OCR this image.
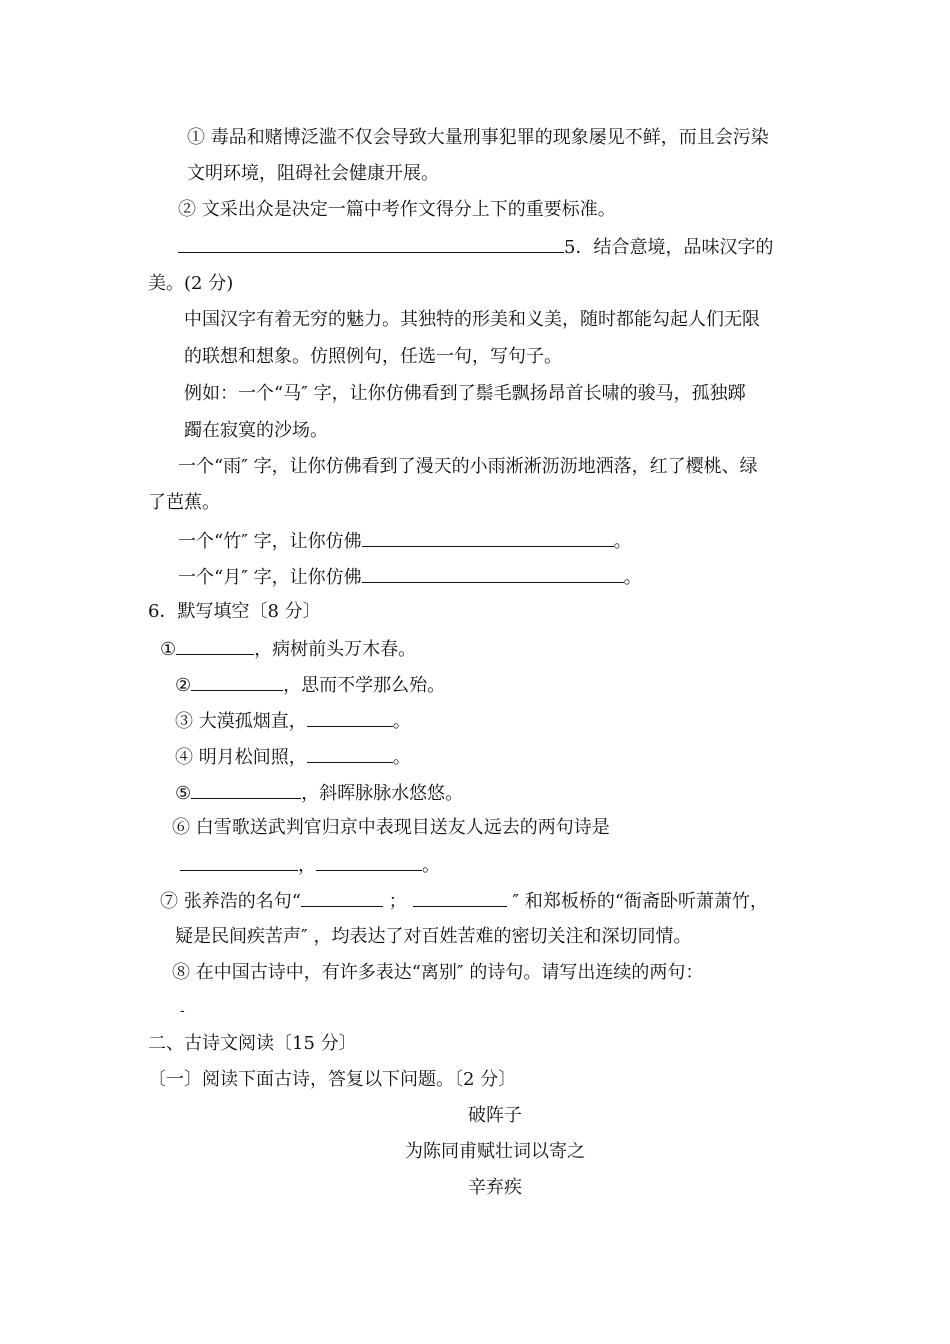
① 毒品和赌博泛滥不仅会导致大量刑事犯罪的现象屡见不鲜，而且会污染
文明环境，阻碍社会健康开展。
② 文采出众是决定一篇中考作文得分上下的重要标准。
5．结合意境，品味汉字的
美。(2 分)
中国汉字有着无穷的魅力。其独特的形美和义美，随时都能勾起人们无限
的联想和想象。仿照例句，任选一句，写句子。
例如：一个“马″ 字，让你仿佛看到了鬃毛飘扬昂首长啸的骏马，孤独踯
躅在寂寞的沙场。
一个“雨″ 字，让你仿佛看到了漫天的小雨淅淅沥沥地洒落，红了樱桃、绿
了芭蕉。
一个“竹″ 字，让你仿佛	。
一个“月″ 字，让你仿佛	。
6．默写填空〔8 分〕
①	，病树前头万木春。
②	，思而不学那么殆。
③ 大漠孤烟直，	。
④ 明月松间照，	。
⑤	，斜晖脉脉水悠悠。
⑥ 白雪歌送武判官归京中表现目送友人远去的两句诗是
，	。
⑦ 张养浩的名句“	；	″ 和郑板桥的“衙斋卧听萧萧竹，
疑是民间疾苦声″ ，均表达了对百姓苦难的密切关注和深切同情。
⑧ 在中国古诗中，有许多表达“离别″ 的诗句。请写出连续的两句：
-
二、古诗文阅读〔15 分〕
〔一〕阅读下面古诗，答复以下问题。〔2 分〕
破阵子
为陈同甫赋壮词以寄之
辛弃疾
